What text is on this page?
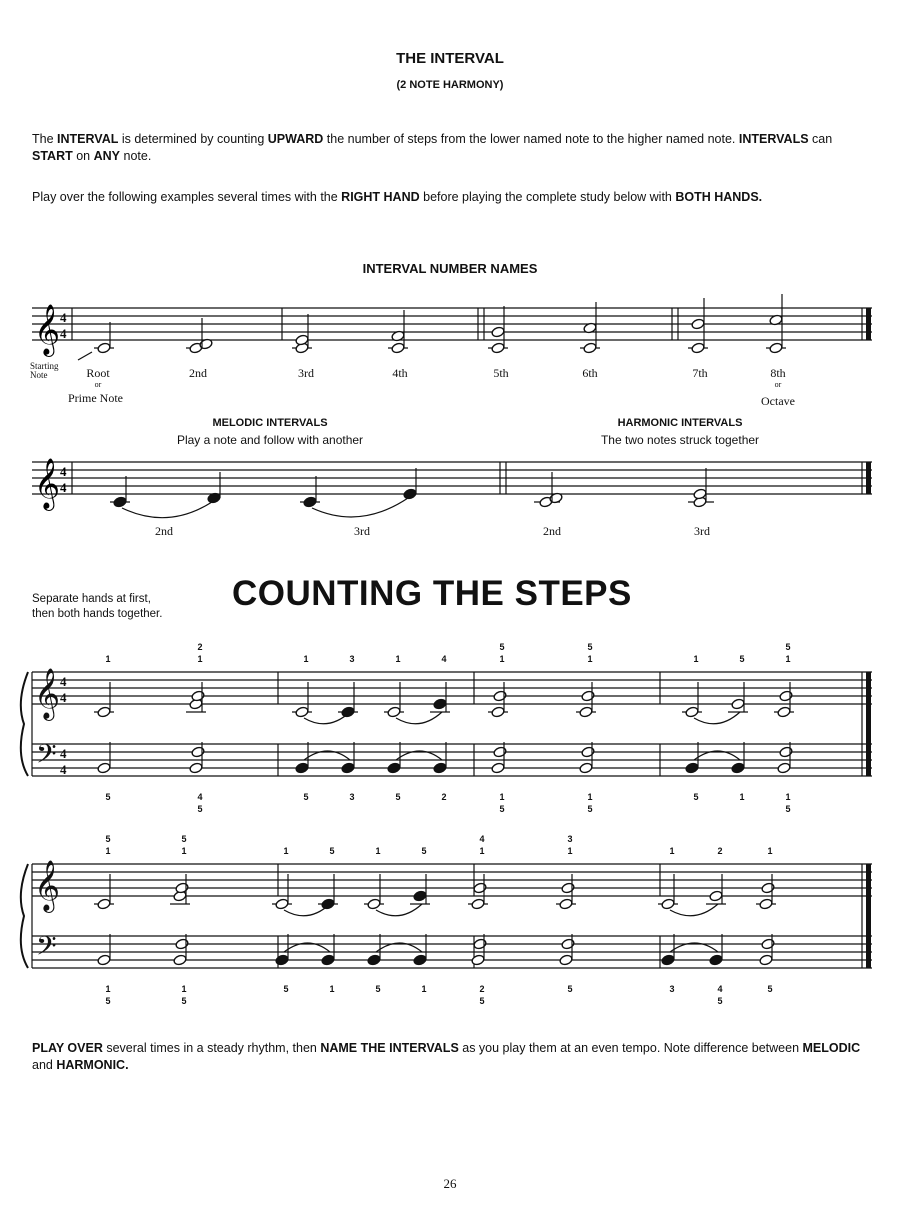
THE INTERVAL
(2 NOTE HARMONY)
The INTERVAL is determined by counting UPWARD the number of steps from the lower named note to the higher named note. INTERVALS can START on ANY note.
Play over the following examples several times with the RIGHT HAND before playing the complete study below with BOTH HANDS.
INTERVAL NUMBER NAMES
𝄞 4
4
Starting
Note	Root	2nd	3rd	4th	5th	6th	7th	8th
or
Prime Note
or
Octave
MELODIC INTERVALS
Play a note and follow with another
HARMONIC INTERVALS
The two notes struck together
𝄞 4
4
2nd	3rd	2nd	3rd
Separate hands at first,
then both hands together.
COUNTING THE STEPS
𝄞
𝄢
4
4
4
4
1
5
2
1
4
5
1
5
3
3
1
5
4
2
5
1
1
5
5
1
1
5
1
5
5
1
5
1
1
5
𝄞
𝄢
5
1
1
5
5
1
1
5
1
5
5
1
1
5
5
1
4
1
2
5
3
1
5
1
3
2
4
5
1
5
PLAY OVER several times in a steady rhythm, then NAME THE INTERVALS as you play them at an even tempo. Note difference between MELODIC and HARMONIC.
26
